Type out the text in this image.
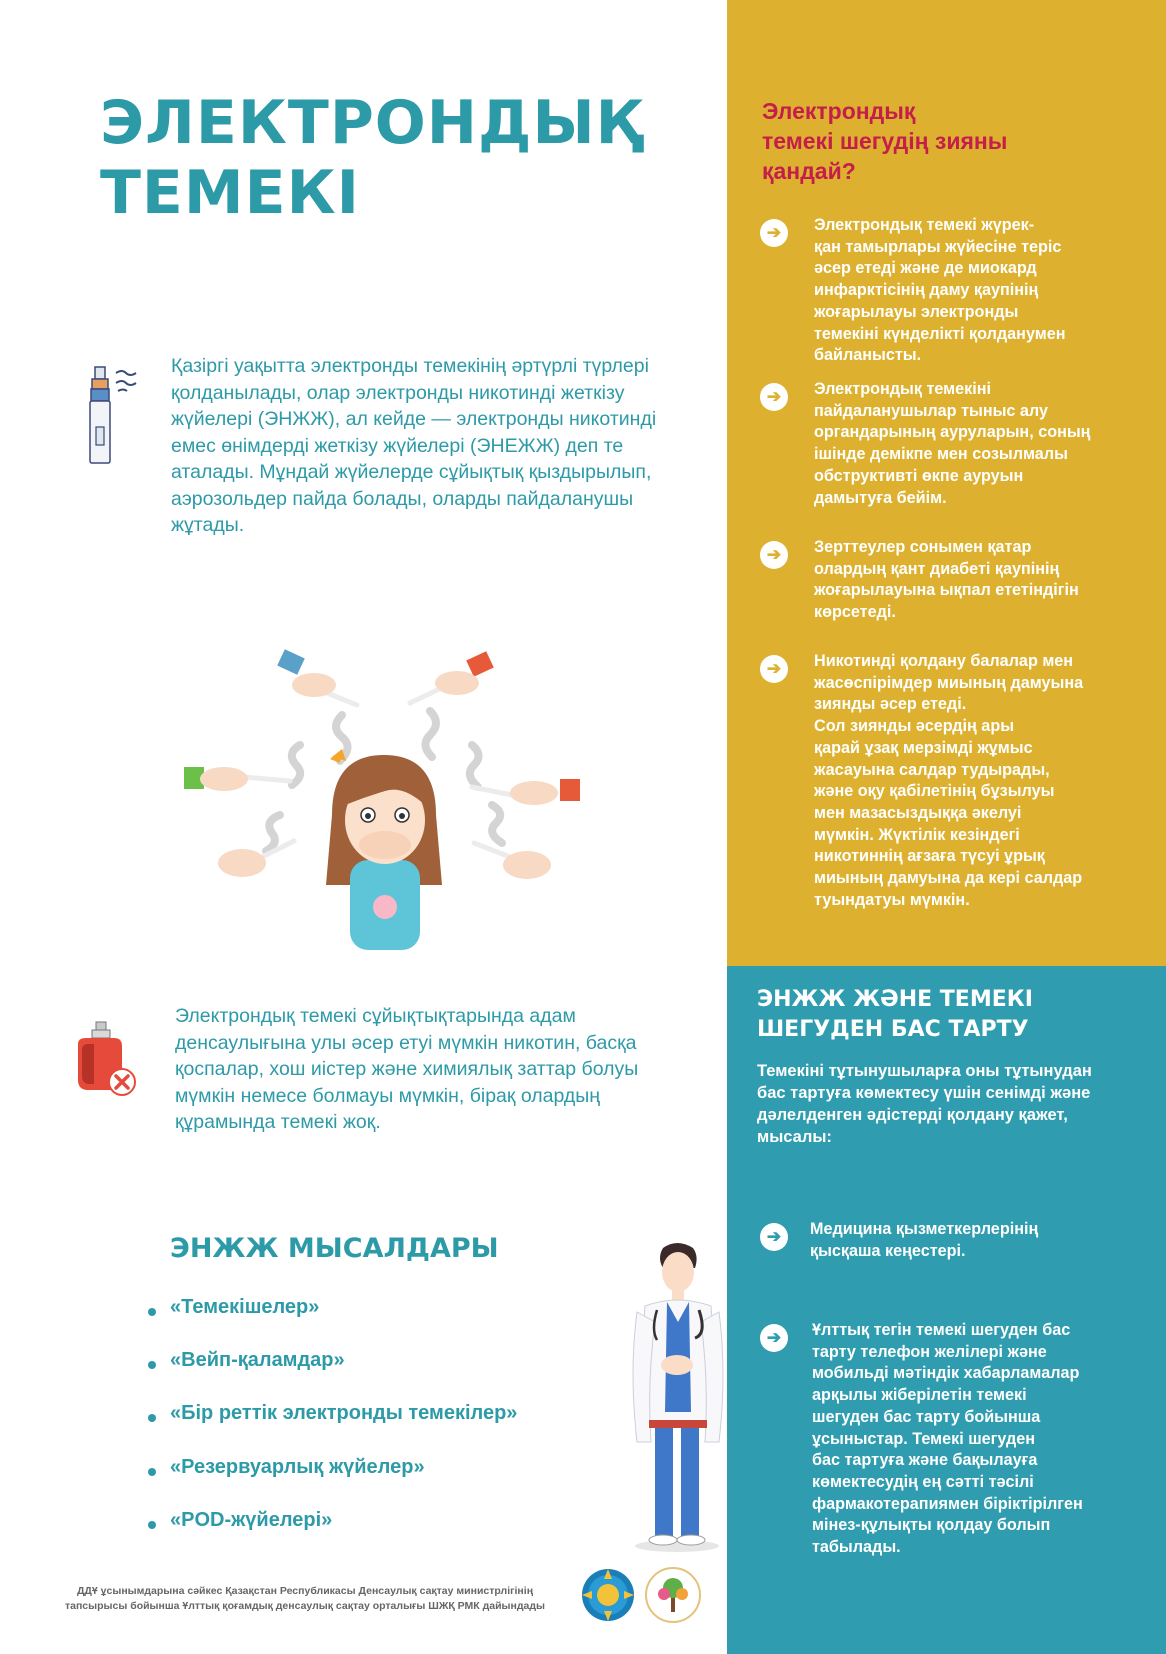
ЭЛЕКТРОНДЫҚ
ТЕМЕКІ
Қазіргі уақытта электронды темекінің әртүрлі түрлері қолданылады, олар электронды никотинді жеткізу жүйелері (ЭНЖЖ), ал кейде — электронды никотинді емес өнімдерді жеткізу жүйелері (ЭНЕЖЖ) деп те аталады. Мұндай жүйелерде сұйықтық қыздырылып, аэрозольдер пайда болады, оларды пайдаланушы жұтады.
Электрондық темекі сұйықтықтарында адам денсаулығына улы әсер етуі мүмкін никотин, басқа қоспалар, хош иістер және химиялық заттар болуы мүмкін немесе болмауы мүмкін, бірақ олардың құрамында темекі жоқ.
ЭНЖЖ МЫСАЛДАРЫ
«Темекішелер»
«Вейп-қаламдар»
«Бір реттік электронды темекілер»
«Резервуарлық жүйелер»
«POD-жүйелері»
ДДҰ ұсынымдарына сәйкес Қазақстан Республикасы Денсаулық сақтау министрлігінің
тапсырысы бойынша Ұлттық қоғамдық денсаулық сақтау орталығы ШЖҚ РМК дайындады
Электрондық
темекі шегудің зияны
қандай?
➔	Электрондық темекі жүрек-
қан тамырлары жүйесіне теріс
әсер етеді және де миокард
инфарктісінің даму қаупінің
жоғарылауы электронды
темекіні күнделікті қолданумен
байланысты.
➔	Электрондық темекіні
пайдаланушылар тыныс алу
органдарының ауруларын, соның
ішінде демікпе мен созылмалы
обструктивті өкпе ауруын
дамытуға бейім.
➔	Зерттеулер сонымен қатар
олардың қант диабеті қаупінің
жоғарылауына ықпал ететіндігін
көрсетеді.
➔	Никотинді қолдану балалар мен
жасөспірімдер миының дамуына
зиянды әсер етеді.
Сол зиянды әсердің ары
қарай ұзақ мерзімді жұмыс
жасауына салдар тудырады,
және оқу қабілетінің бұзылуы
мен мазасыздыққа әкелуі
мүмкін. Жүктілік кезіндегі
никотиннің ағзаға түсуі ұрық
миының дамуына да кері салдар
туындатуы мүмкін.
ЭНЖЖ ЖӘНЕ ТЕМЕКІ
ШЕГУДЕН БАС ТАРТУ
Темекіні тұтынушыларға оны тұтынудан
бас тартуға көмектесу үшін сенімді және
дәлелденген әдістерді қолдану қажет,
мысалы:
➔	Медицина қызметкерлерінің
қысқаша кеңестері.
➔	Ұлттық тегін темекі шегуден бас
тарту телефон желілері және
мобильді мәтіндік хабарламалар
арқылы жіберілетін темекі
шегуден бас тарту бойынша
ұсыныстар. Темекі шегуден
бас тартуға және бақылауға
көмектесудің ең сәтті тәсілі
фармакотерапиямен біріктірілген
мінез-құлықты қолдау болып
табылады.
